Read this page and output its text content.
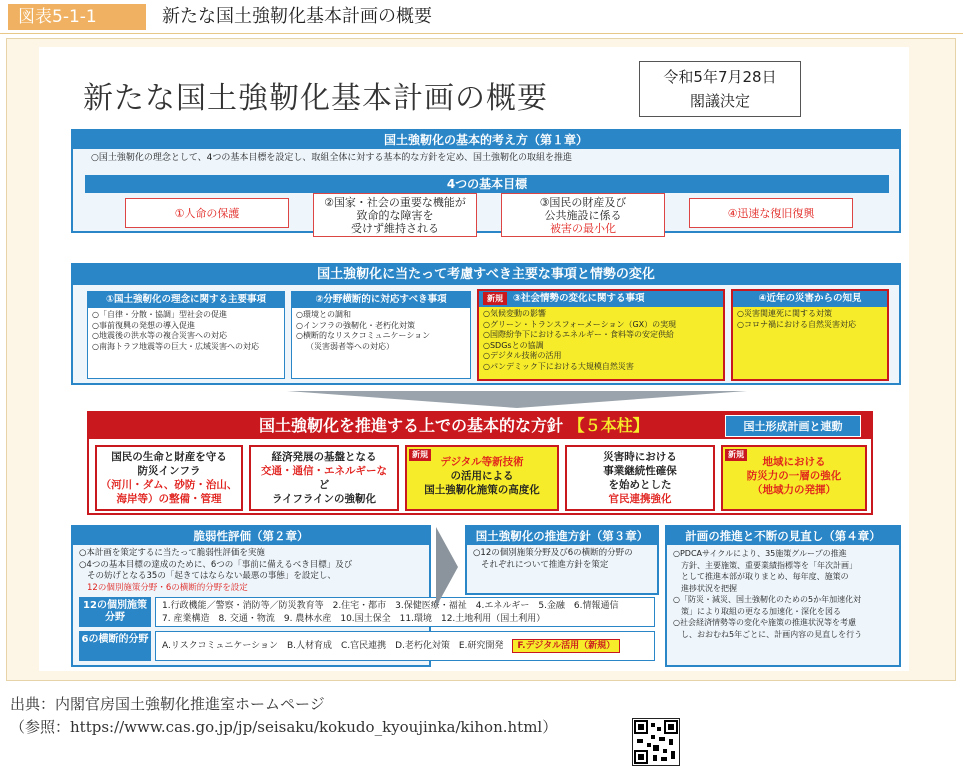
図表5-1-1	新たな国土強靭化基本計画の概要
新たな国土強靭化基本計画の概要
令和5年7月28日
閣議決定
国土強靭化の基本的考え方（第１章）
○国土強靭化の理念として、4つの基本目標を設定し、取組全体に対する基本的な方針を定め、国土強靭化の取組を推進
4つの基本目標
①人命の保護
②国家・社会の重要な機能が
致命的な障害を
受けず維持される
③国民の財産及び
公共施設に係る
被害の最小化
④迅速な復旧復興
国土強靭化に当たって考慮すべき主要な事項と情勢の変化
①国土強靭化の理念に関する主要事項
○「自律・分散・協調」型社会の促進
○事前復興の発想の導入促進
○地震後の洪水等の複合災害への対応
○南海トラフ地震等の巨大・広域災害への対応
②分野横断的に対応すべき事項
○環境との調和
○インフラの強靭化・老朽化対策
○横断的なリスクコミュニケーション
（災害弱者等への対応）
新規 ③社会情勢の変化に関する事項
○気候変動の影響
○グリーン・トランスフォーメーション（GX）の実現
○国際紛争下におけるエネルギー・食料等の安定供給
○SDGsとの協調
○デジタル技術の活用
○パンデミック下における大規模自然災害
④近年の災害からの知見
○災害関連死に関する対策
○コロナ禍における自然災害対応
国土強靭化を推進する上での基本的な方針 【５本柱】	国土形成計画と連動
国民の生命と財産を守る
防災インフラ
（河川・ダム、砂防・治山、
海岸等）の整備・管理
経済発展の基盤となる
交通・通信・エネルギーな
ど
ライフラインの強靭化
新規
デジタル等新技術
の活用による
国土強靭化施策の高度化
災害時における
事業継続性確保
を始めとした
官民連携強化
新規
地域における
防災力の一層の強化
（地域力の発揮）
脆弱性評価（第２章）
○本計画を策定するに当たって脆弱性評価を実施
○4つの基本目標の達成のために、6つの「事前に備えるべき目標」及び
その妨げとなる35の「起きてはならない最悪の事態」を設定し、
12の個別施策分野・6の横断的分野を設定
12の個別施策分野
1.行政機能／警察・消防等／防災教育等　2.住宅・都市　3.保健医療・福祉　4.エネルギー　5.金融　6.情報通信
7. 産業構造　8. 交通・物流　9. 農林水産　10.国土保全　11.環境　12.土地利用（国土利用）
6の横断的分野
A.リスクコミュニケーション　B.人材育成　C.官民連携　D.老朽化対策　E.研究開発 F.デジタル活用（新規）
国土強靭化の推進方針（第３章）
○12の個別施策分野及び6の横断的分野の
それぞれについて推進方針を策定
計画の推進と不断の見直し（第４章）
○PDCAサイクルにより、35施策グループの推進
方針、主要施策、重要業績指標等を「年次計画」
として推進本部が取りまとめ、毎年度、施策の
進捗状況を把握
○「防災・減災、国土強靭化のための5か年加速化対
策」により取組の更なる加速化・深化を図る
○社会経済情勢等の変化や施策の推進状況等を考慮
し、おおむね5年ごとに、計画内容の見直しを行う
出典：内閣官房国土強靭化推進室ホームページ
（参照：https://www.cas.go.jp/jp/seisaku/kokudo_kyoujinka/kihon.html）
